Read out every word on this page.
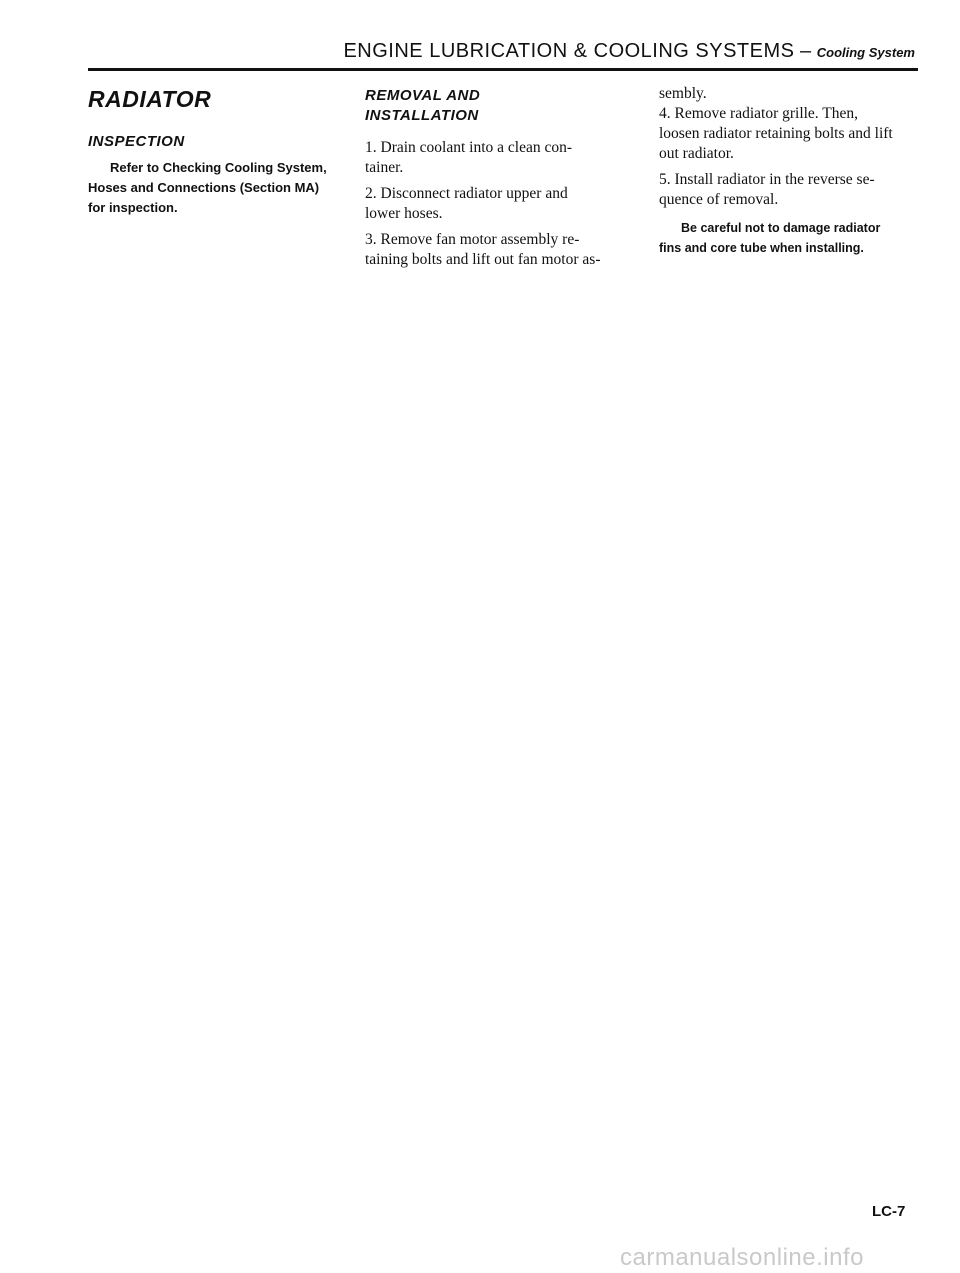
ENGINE LUBRICATION & COOLING SYSTEMS – Cooling System

RADIATOR

INSPECTION

Refer to Checking Cooling System,

Hoses and Connections (Section MA)

for inspection.

REMOVAL AND

INSTALLATION

1. Drain coolant into a clean con-

tainer.

2. Disconnect radiator upper and

lower hoses.

3. Remove fan motor assembly re-

taining bolts and lift out fan motor as-

sembly.

4. Remove radiator grille. Then,

loosen radiator retaining bolts and lift

out radiator.

5. Install radiator in the reverse se-

quence of removal.

Be careful not to damage radiator

fins and core tube when installing.

LC-7
carmanualsonline.info
